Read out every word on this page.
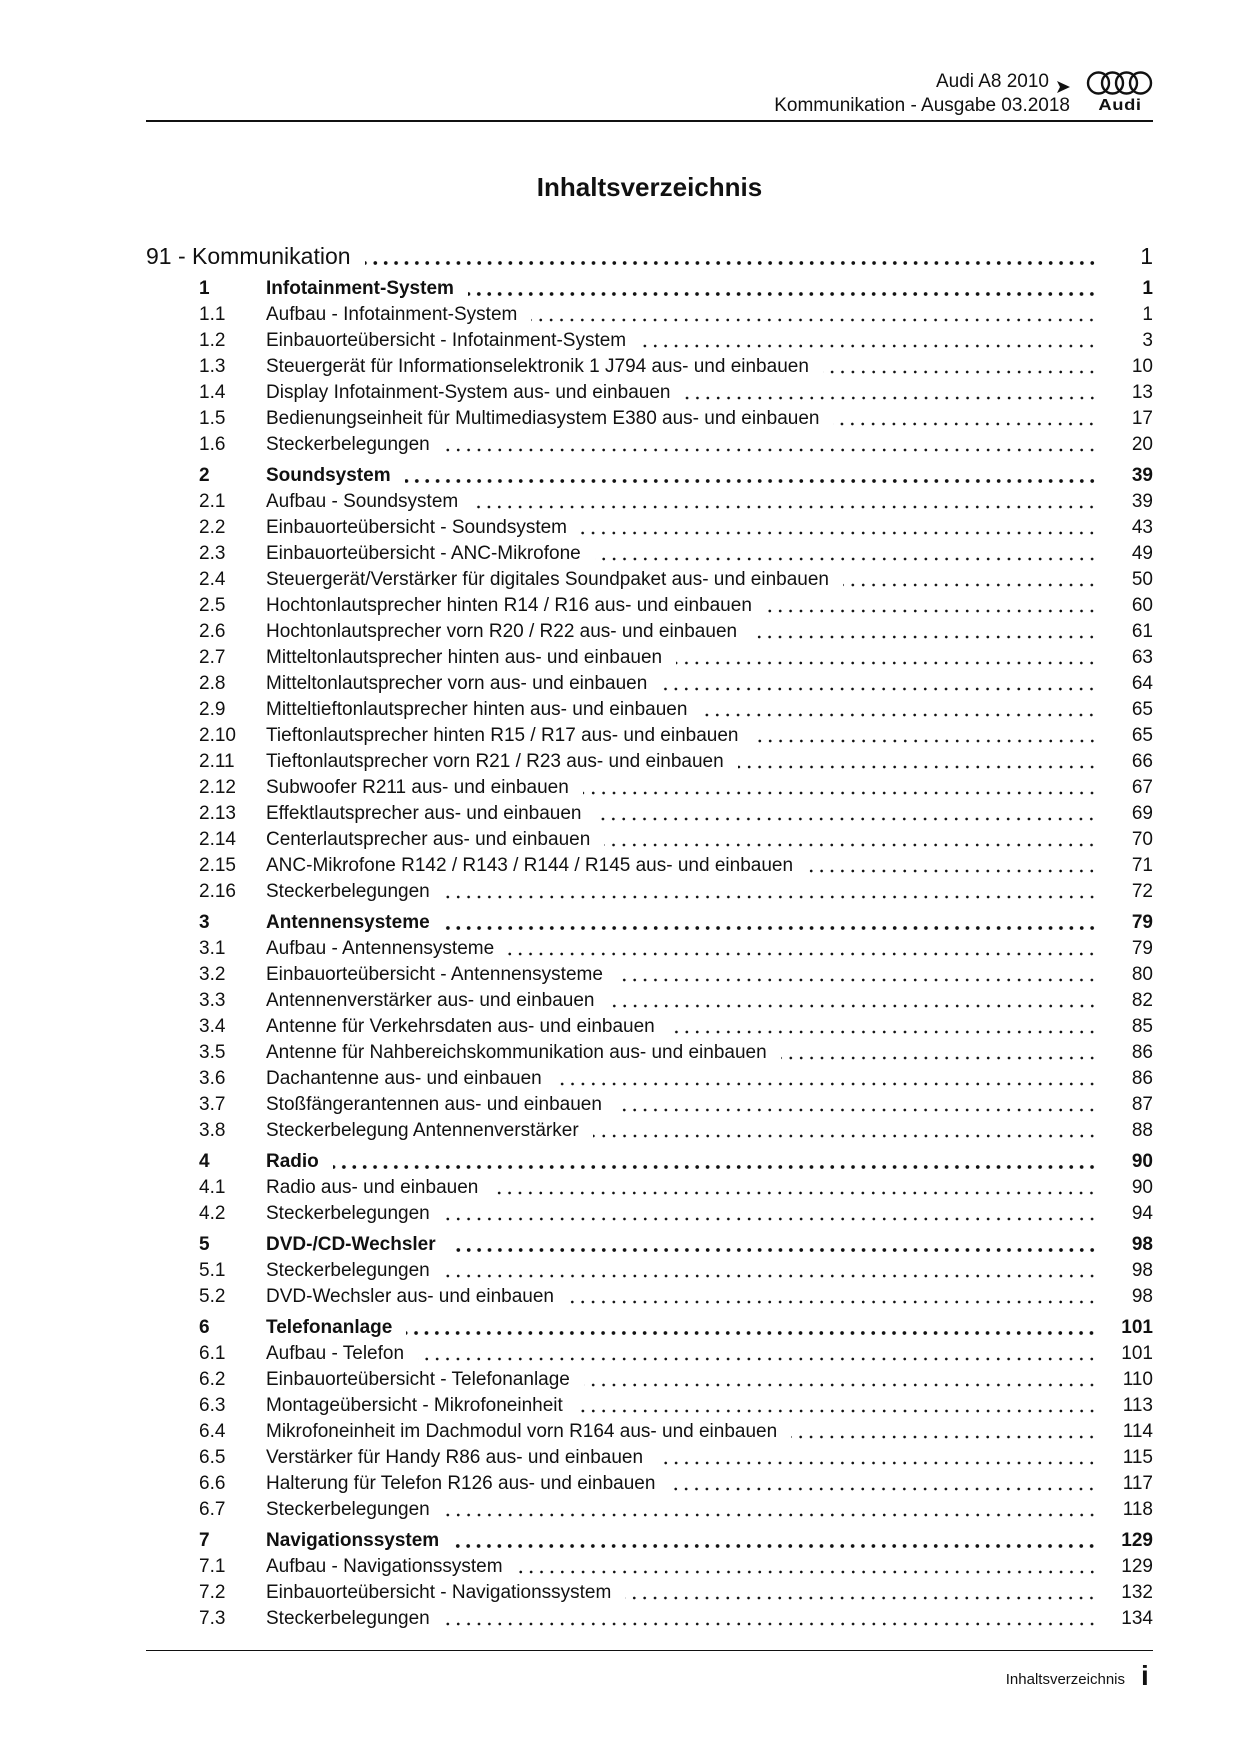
Audi A8 2010
Kommunikation - Ausgabe 03.2018	Audi
Inhaltsverzeichnis
91 - Kommunikation	1
1	Infotainment-System	1
1.1	Aufbau - Infotainment-System	1
1.2	Einbauorteübersicht - Infotainment-System	3
1.3	Steuergerät für Informationselektronik 1 J794 aus- und einbauen	10
1.4	Display Infotainment-System aus- und einbauen	13
1.5	Bedienungseinheit für Multimediasystem E380 aus- und einbauen	17
1.6	Steckerbelegungen	20
2	Soundsystem	39
2.1	Aufbau - Soundsystem	39
2.2	Einbauorteübersicht - Soundsystem	43
2.3	Einbauorteübersicht - ANC-Mikrofone	49
2.4	Steuergerät/Verstärker für digitales Soundpaket aus- und einbauen	50
2.5	Hochtonlautsprecher hinten R14 / R16 aus- und einbauen	60
2.6	Hochtonlautsprecher vorn R20 / R22 aus- und einbauen	61
2.7	Mitteltonlautsprecher hinten aus- und einbauen	63
2.8	Mitteltonlautsprecher vorn aus- und einbauen	64
2.9	Mitteltieftonlautsprecher hinten aus- und einbauen	65
2.10	Tieftonlautsprecher hinten R15 / R17 aus- und einbauen	65
2.11	Tieftonlautsprecher vorn R21 / R23 aus- und einbauen	66
2.12	Subwoofer R211 aus- und einbauen	67
2.13	Effektlautsprecher aus- und einbauen	69
2.14	Centerlautsprecher aus- und einbauen	70
2.15	ANC-Mikrofone R142 / R143 / R144 / R145 aus- und einbauen	71
2.16	Steckerbelegungen	72
3	Antennensysteme	79
3.1	Aufbau - Antennensysteme	79
3.2	Einbauorteübersicht - Antennensysteme	80
3.3	Antennenverstärker aus- und einbauen	82
3.4	Antenne für Verkehrsdaten aus- und einbauen	85
3.5	Antenne für Nahbereichskommunikation aus- und einbauen	86
3.6	Dachantenne aus- und einbauen	86
3.7	Stoßfängerantennen aus- und einbauen	87
3.8	Steckerbelegung Antennenverstärker	88
4	Radio	90
4.1	Radio aus- und einbauen	90
4.2	Steckerbelegungen	94
5	DVD-/CD-Wechsler	98
5.1	Steckerbelegungen	98
5.2	DVD-Wechsler aus- und einbauen	98
6	Telefonanlage	101
6.1	Aufbau - Telefon	101
6.2	Einbauorteübersicht - Telefonanlage	110
6.3	Montageübersicht - Mikrofoneinheit	113
6.4	Mikrofoneinheit im Dachmodul vorn R164 aus- und einbauen	114
6.5	Verstärker für Handy R86 aus- und einbauen	115
6.6	Halterung für Telefon R126 aus- und einbauen	117
6.7	Steckerbelegungen	118
7	Navigationssystem	129
7.1	Aufbau - Navigationssystem	129
7.2	Einbauorteübersicht - Navigationssystem	132
7.3	Steckerbelegungen	134
Inhaltsverzeichnis i
